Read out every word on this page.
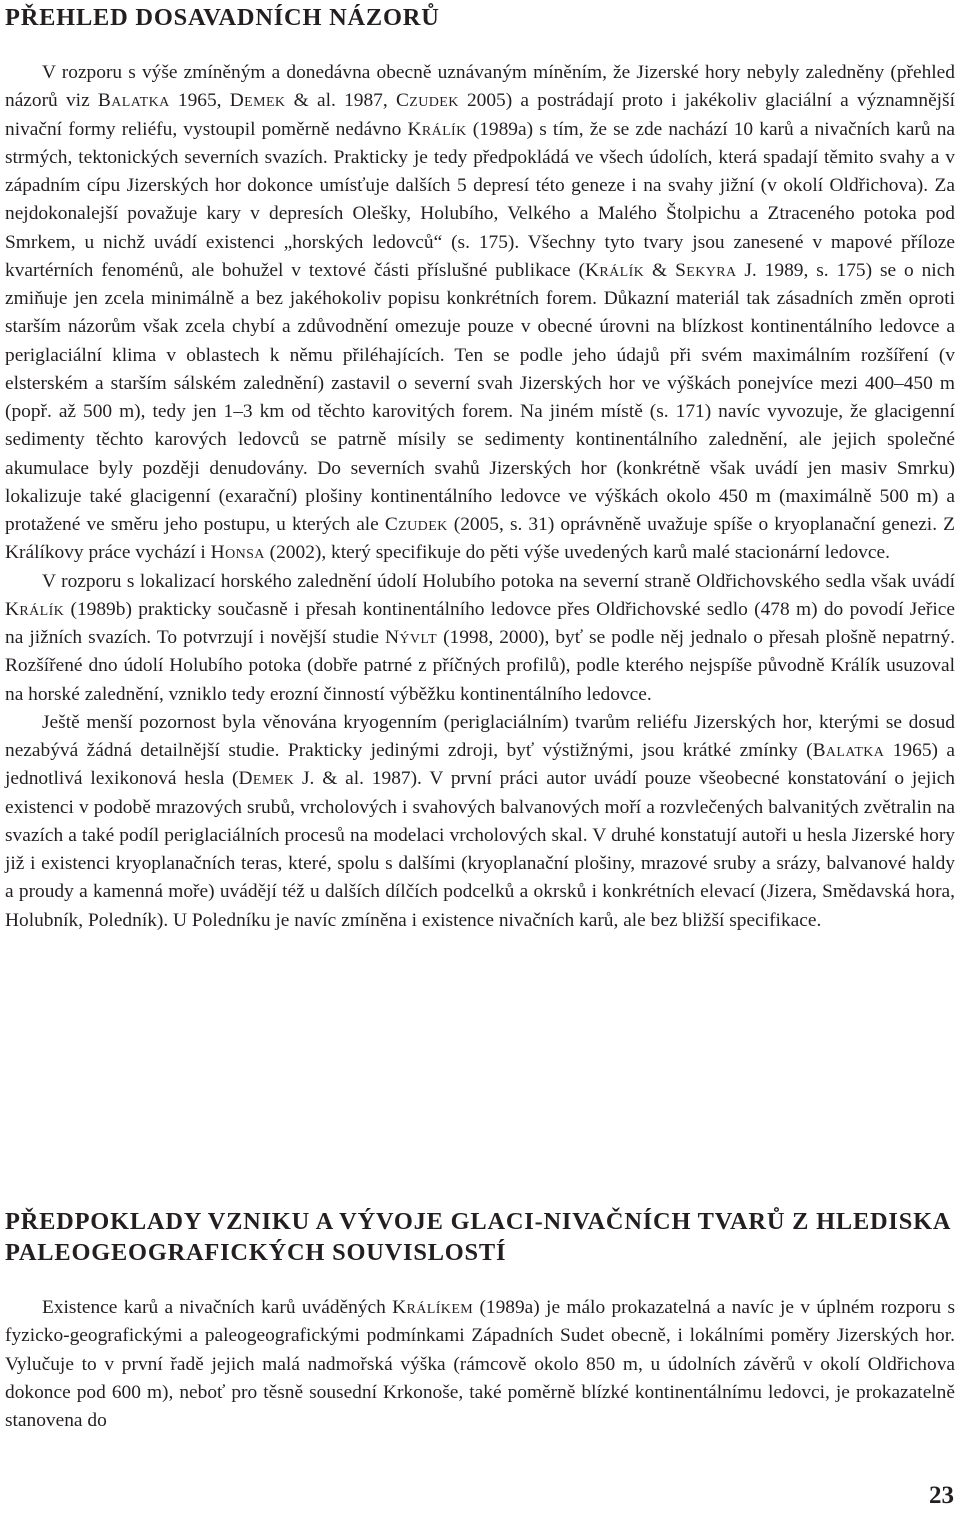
PŘEHLED DOSAVADNÍCH NÁZORŮ

V rozporu s výše zmíněným a donedávna obecně uznávaným míněním, že Jizerské hory nebyly zaledněny (přehled názorů viz Balatka 1965, Demek & al. 1987, Czudek 2005) a postrádají proto i jakékoliv glaciální a významnější nivační formy reliéfu, vystoupil poměrně nedávno Králík (1989a) s tím, že se zde nachází 10 karů a nivačních karů na strmých, tektonických severních svazích. Prakticky je tedy předpokládá ve všech údolích, která spadají těmito svahy a v západním cípu Jizerských hor dokonce umísťuje dalších 5 depresí této geneze i na svahy jižní (v okolí Oldřichova). Za nejdokonalejší považuje kary v depresích Olešky, Holubího, Velkého a Malého Štolpichu a Ztraceného potoka pod Smrkem, u nichž uvádí existenci „horských ledovců“ (s. 175). Všechny tyto tvary jsou zanesené v mapové příloze kvartérních fenoménů, ale bohužel v textové části příslušné publikace (Králík & Sekyra J. 1989, s. 175) se o nich zmiňuje jen zcela minimálně a bez jakéhokoliv popisu konkrétních forem. Důkazní materiál tak zásadních změn oproti starším názorům však zcela chybí a zdůvodnění omezuje pouze v obecné úrovni na blízkost kontinentálního ledovce a periglaciální klima v oblastech k němu přiléhajících. Ten se podle jeho údajů při svém maximálním rozšíření (v elsterském a starším sálském zalednění) zastavil o severní svah Jizerských hor ve výškách ponejvíce mezi 400–450 m (popř. až 500 m), tedy jen 1–3 km od těchto karovitých forem. Na jiném místě (s. 171) navíc vyvozuje, že glacigenní sedimenty těchto karových ledovců se patrně mísily se sedimenty kontinentálního zalednění, ale jejich společné akumulace byly později denudovány. Do severních svahů Jizerských hor (konkrétně však uvádí jen masiv Smrku) lokalizuje také glacigenní (exarační) plošiny kontinentálního ledovce ve výškách okolo 450 m (maximálně 500 m) a protažené ve směru jeho postupu, u kterých ale Czudek (2005, s. 31) oprávněně uvažuje spíše o kryoplanační genezi. Z Králíkovy práce vychází i Honsa (2002), který specifikuje do pěti výše uvedených karů malé stacionární ledovce.

V rozporu s lokalizací horského zalednění údolí Holubího potoka na severní straně Oldřichovského sedla však uvádí Králík (1989b) prakticky současně i přesah kontinentálního ledovce přes Oldřichovské sedlo (478 m) do povodí Jeřice na jižních svazích. To potvrzují i novější studie Nývlt (1998, 2000), byť se podle něj jednalo o přesah plošně nepatrný. Rozšířené dno údolí Holubího potoka (dobře patrné z příčných profilů), podle kterého nejspíše původně Králík usuzoval na horské zalednění, vzniklo tedy erozní činností výběžku kontinentálního ledovce.

Ještě menší pozornost byla věnována kryogenním (periglaciálním) tvarům reliéfu Jizerských hor, kterými se dosud nezabývá žádná detailnější studie. Prakticky jedinými zdroji, byť výstižnými, jsou krátké zmínky (Balatka 1965) a jednotlivá lexikonová hesla (Demek J. & al. 1987). V první práci autor uvádí pouze všeobecné konstatování o jejich existenci v podobě mrazových srubů, vrcholových i svahových balvanových moří a rozvlečených balvanitých zvětralin na svazích a také podíl periglaciálních procesů na modelaci vrcholových skal. V druhé konstatují autoři u hesla Jizerské hory již i existenci kryoplanačních teras, které, spolu s dalšími (kryoplanační plošiny, mrazové sruby a srázy, balvanové haldy a proudy a kamenná moře) uvádějí též u dalších dílčích podcelků a okrsků i konkrétních elevací (Jizera, Smědavská hora, Holubník, Poledník). U Poledníku je navíc zmíněna i existence nivačních karů, ale bez bližší specifikace.

PŘEDPOKLADY VZNIKU A VÝVOJE GLACI-NIVAČNÍCH TVARŮ Z HLEDISKA
PALEOGEOGRAFICKÝCH SOUVISLOSTÍ

Existence karů a nivačních karů uváděných Králíkem (1989a) je málo prokazatelná a navíc je v úplném rozporu s fyzicko-geografickými a paleogeografickými podmínkami Západních Sudet obecně, i lokálními poměry Jizerských hor. Vylučuje to v první řadě jejich malá nadmořská výška (rámcově okolo 850 m, u údolních závěrů v okolí Oldřichova dokonce pod 600 m), neboť pro těsně sousední Krkonoše, také poměrně blízké kontinentálnímu ledovci, je prokazatelně stanovena do

23
